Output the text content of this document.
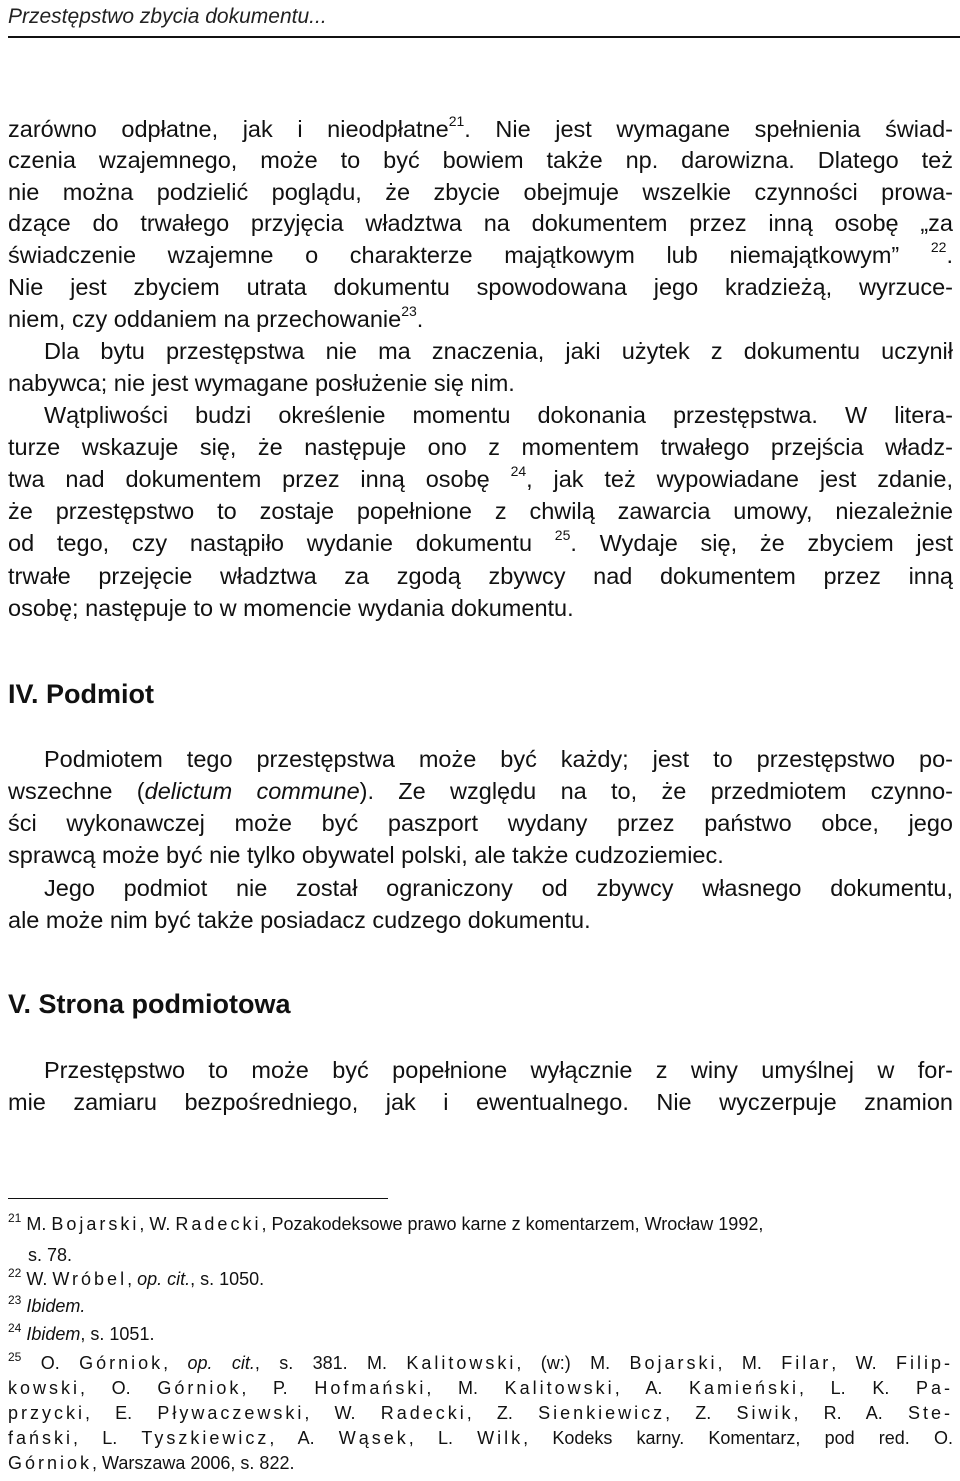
Przestępstwo zbycia dokumentu...
zarówno odpłatne, jak i nieodpłatne$^{21}$. Nie jest wymagane spełnienia świad-
czenia wzajemnego, może to być bowiem także np. darowizna. Dlatego też
nie można podzielić poglądu, że zbycie obejmuje wszelkie czynności prowa-
dzące do trwałego przyjęcia władztwa na dokumentem przez inną osobę „za
świadczenie wzajemne o charakterze majątkowym lub niemajątkowym” $^{22}$.
Nie jest zbyciem utrata dokumentu spowodowana jego kradzieżą, wyrzuce-
niem, czy oddaniem na przechowanie$^{23}$.
Dla bytu przestępstwa nie ma znaczenia, jaki użytek z dokumentu uczynił
nabywca; nie jest wymagane posłużenie się nim.
Wątpliwości budzi określenie momentu dokonania przestępstwa. W litera-
turze wskazuje się, że następuje ono z momentem trwałego przejścia władz-
twa nad dokumentem przez inną osobę $^{24}$, jak też wypowiadane jest zdanie,
że przestępstwo to zostaje popełnione z chwilą zawarcia umowy, niezależnie
od tego, czy nastąpiło wydanie dokumentu $^{25}$. Wydaje się, że zbyciem jest
trwałe przejęcie władztwa za zgodą zbywcy nad dokumentem przez inną
osobę; następuje to w momencie wydania dokumentu.
IV. Podmiot
Podmiotem tego przestępstwa może być każdy; jest to przestępstwo po-
wszechne (delictum commune). Ze względu na to, że przedmiotem czynno-
ści wykonawczej może być paszport wydany przez państwo obce, jego
sprawcą może być nie tylko obywatel polski, ale także cudzoziemiec.
Jego podmiot nie został ograniczony od zbywcy własnego dokumentu,
ale może nim być także posiadacz cudzego dokumentu.
V. Strona podmiotowa
Przestępstwo to może być popełnione wyłącznie z winy umyślnej w for-
mie zamiaru bezpośredniego, jak i ewentualnego. Nie wyczerpuje znamion
$^{21}$ M. Bojarski, W. Radecki, Pozakodeksowe prawo karne z komentarzem, Wrocław 1992,
s. 78.
$^{22}$ W. Wróbel, op. cit., s. 1050.
$^{23}$ Ibidem.
$^{24}$ Ibidem, s. 1051.
$^{25}$ O. Górniok, op. cit., s. 381. M. Kalitowski, (w:) M. Bojarski, M. Filar, W. Filip-
kowski, O. Górniok, P. Hofmański, M. Kalitowski, A. Kamieński, L. K. Pa-
przycki, E. Pływaczewski, W. Radecki, Z. Sienkiewicz, Z. Siwik, R. A. Ste-
fański, L. Tyszkiewicz, A. Wąsek, L. Wilk, Kodeks karny. Komentarz, pod red. O.
Górniok, Warszawa 2006, s. 822.
